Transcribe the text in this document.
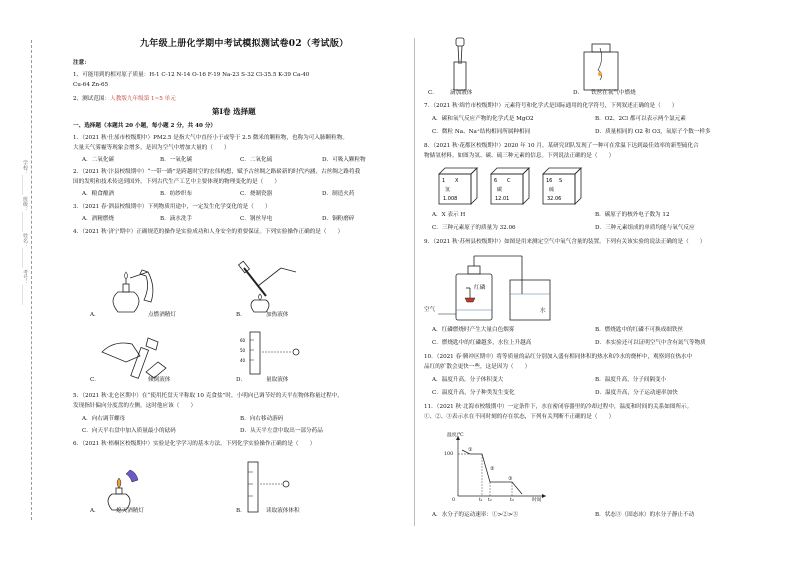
学校：________ 班级：________ 姓名：________ 考号：________
九年级上册化学期中考试模拟测试卷02（考试版）
注意：
1、可能用到的相对原子质量：H-1 C-12 N-14 O-16 F-19 Na-23 S-32 Cl-35.5 K-39 Ca-40
Cu-64 Zn-65
2、测试范围：人教版九年级第 1~5 单元
第Ⅰ卷 选择题
一、选择题（本题共 20 小题，每小题 2 分，共 40 分）
1．（2021 秋·仕邡市校级期中）PM2.5 是指大气中直径小于或等于 2.5 微米的颗粒物，也称为可入肺颗粒物。
大量天气雾霾等现象会增多，是因为空气中增加大量的（　　）
A．二氧化碳	B．一氧化碳	C．二氧化硫	D．可吸入颗粒物
2．（2021 秋·汴县校级期中）“一带一路”是跨越时空的宏伟构想，赋予古丝绸之路崭新的时代内涵，古丝绸之路将我
国的发明和技术传送到国外。下列古代生产工艺中主要体现的物理变化的是（　　）
A．粮食酿酒	B．纺纱织布	C．烧制瓷器	D．制造火药
3．（2021 春·泗县校级期中）下列物质用途中，一定发生化学变化的是（　　）
A．酒精燃烧	B．滴水洗手	C．钢丝导电	D．铜粉磨碎
4．（2021 秋·济宁期中）正确规范的操作是实验成功和人身安全的重要保证。下列实验操作正确的是（　　）
A．	点燃酒精灯	B．	加热液体
C．	倾倒液体
60
50
40
D．	量取液体
5．（2021 秋·北仑区期中）在“使用托盘天平称取 10 克食盐”时，小明向已调节好的天平在物体称量过程中，
发现指针偏向分度盘的左侧，这时他应该（　　）
A．向右调节螺母	B．向右移动游码
C．向天平右盘中加入质量最小的砝码	D．从天平左盘中取出一部分药品
6．（2021 秋·梧桐区校级期中）实验是化学学习的基本方法。下列化学实验操作正确的是（　　）
A．	熄灭酒精灯	B．	读取液体体积
C． 滴加液体	D． 铁丝在氧气中燃烧
7．（2021 秋·绵竹市校级期中）元素符号和化学式是国际通用的化学符号，下列叙述正确的是（　　）
A．碳和氧气反应产物的化学式是 MgO2	B．O2、2Cl 都可以表示两个氯元素
C．微粒 Na、Na⁺结构相同所属种相同	D．质量相同的 O2 和 O3，氧原子个数一样多
8．（2021 秋·花都区校级期中）2020 年 10 月，某研究团队发现了一种可在常温下达到最佳效率的新型硫化合
物储氢材料。如图为氢、碳、硫三种元素的信息。下列说法正确的是（　　）
1 X
氢
1.008
6 C
碳
12.01
16 S
硫
32.06
A．X 表示 H	B．碳原子的核外电子数为 12
C．三种元素原子的质量为 32.06	D．三种元素组成的单质均能与氧气反应
9．（2021 秋·苏州县校级期中）如图是用来测定空气中氧气含量的装置。下列有关该实验的说法正确的是（　　）
空气
红磷
水
A．红磷燃烧时产生大量白色烟雾	B．燃烧匙中的红磷不可换成细铁丝
C．燃烧匙中的红磷越多，水位上升越高	D．本实验还可以证明空气中含有氮气等物质
10．（2021 春·腾冲区期中）将等质量的品红分别加入盛有相同体积的热水和冷水的烧杯中，观察到在热水中
品红的扩散会更快一些，这是因为（　　）
A．温度升高，分子体积变大	B．温度升高，分子间隔变小
C．温度升高，分子种类发生变化	D．温度升高，分子运动速率加快
11．（2021 秋·北海市校级期中）一定条件下，水在密闭容器里的冷却过程中，温度和时间的关系如图所示。
①、②、③表示水在不同时刻的存在状态，下列有关判断不正确的是（　　）
温度/℃
100
0	时间
t₁ t₂	t₃
①
②
③
A．水分子的运动速率：①>②>③	B．状态③（固态冰）的水分子静止不动
